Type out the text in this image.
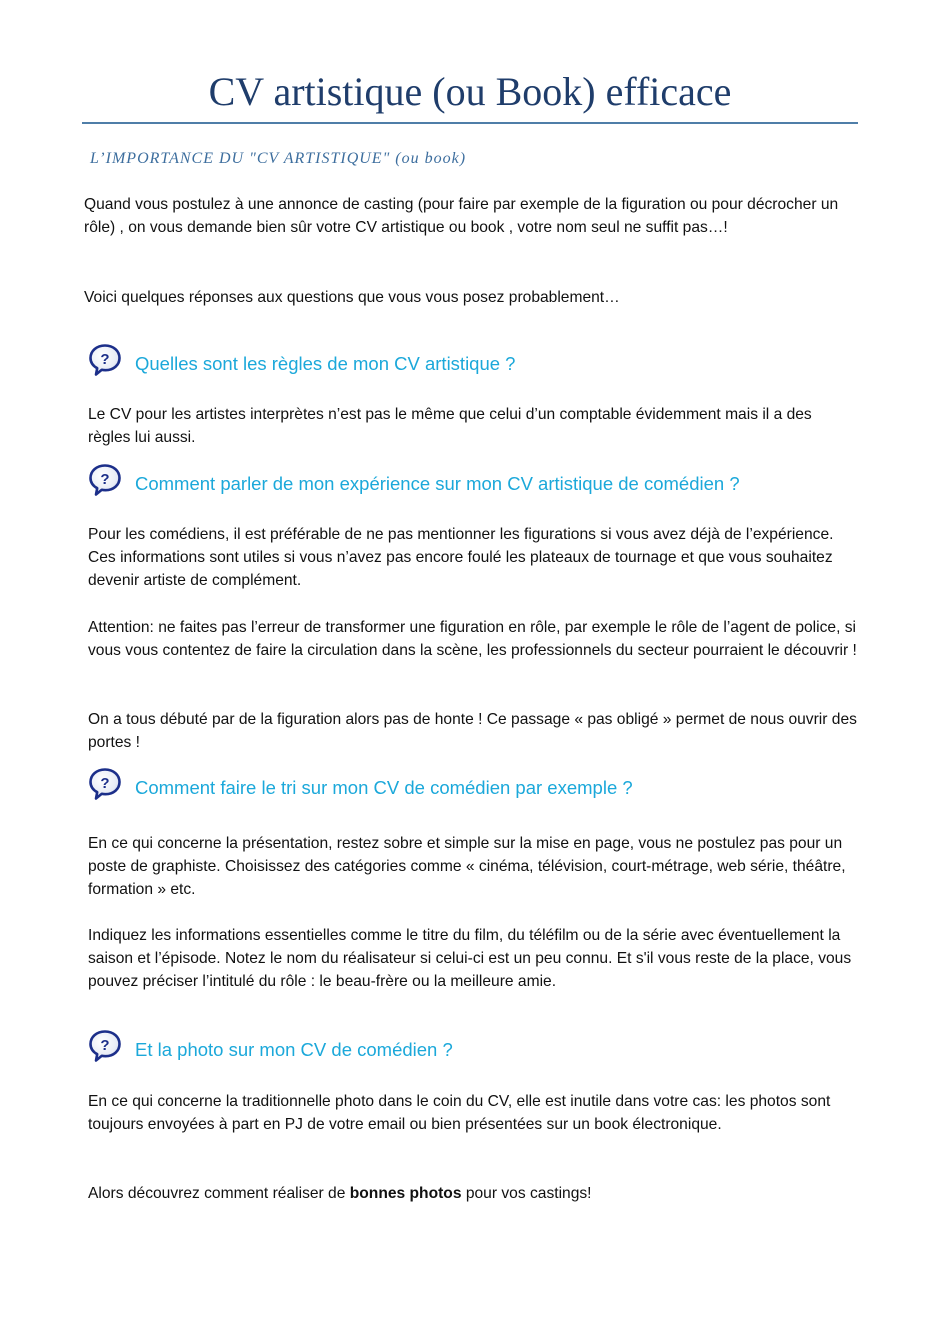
CV artistique (ou Book) efficace

L’IMPORTANCE DU "CV ARTISTIQUE" (ou book)

Quand vous postulez à une annonce de casting (pour faire par exemple de la figuration ou pour décrocher un rôle) , on vous demande bien sûr votre CV artistique ou book , votre nom seul ne suffit pas…!

Voici quelques réponses aux questions que vous vous posez probablement…

Quelles sont les règles de mon CV artistique ?

Le CV pour les artistes interprètes n’est pas le même que celui d’un comptable évidemment mais il a des règles lui aussi.

Comment parler de mon expérience sur mon CV artistique de comédien ?

Pour les comédiens, il est préférable de ne pas mentionner les figurations si vous avez déjà de l’expérience. Ces informations sont utiles si vous n’avez pas encore foulé les plateaux de tournage et que vous souhaitez devenir artiste de complément.

Attention: ne faites pas l’erreur de transformer une figuration en rôle, par exemple le rôle de l’agent de police, si vous vous contentez de faire la circulation dans la scène, les professionnels du secteur pourraient le découvrir !

On a tous débuté par de la figuration alors pas de honte ! Ce passage « pas obligé » permet de nous ouvrir des portes !

Comment faire le tri sur mon CV de comédien par exemple ?

En ce qui concerne la présentation, restez sobre et simple sur la mise en page, vous ne postulez pas pour un poste de graphiste. Choisissez des catégories comme « cinéma, télévision, court-métrage, web série, théâtre, formation » etc.

Indiquez les informations essentielles comme le titre du film, du téléfilm ou de la série avec éventuellement la saison et l’épisode. Notez le nom du réalisateur si celui-ci est un peu connu. Et s'il vous reste de la place, vous pouvez préciser l’intitulé du rôle : le beau-frère ou la meilleure amie.

Et la photo sur mon CV de comédien ?

En ce qui concerne la traditionnelle photo dans le coin du CV, elle est inutile dans votre cas: les photos sont toujours envoyées à part en PJ de votre email ou bien présentées sur un book électronique.

Alors découvrez comment réaliser de bonnes photos pour vos castings!
